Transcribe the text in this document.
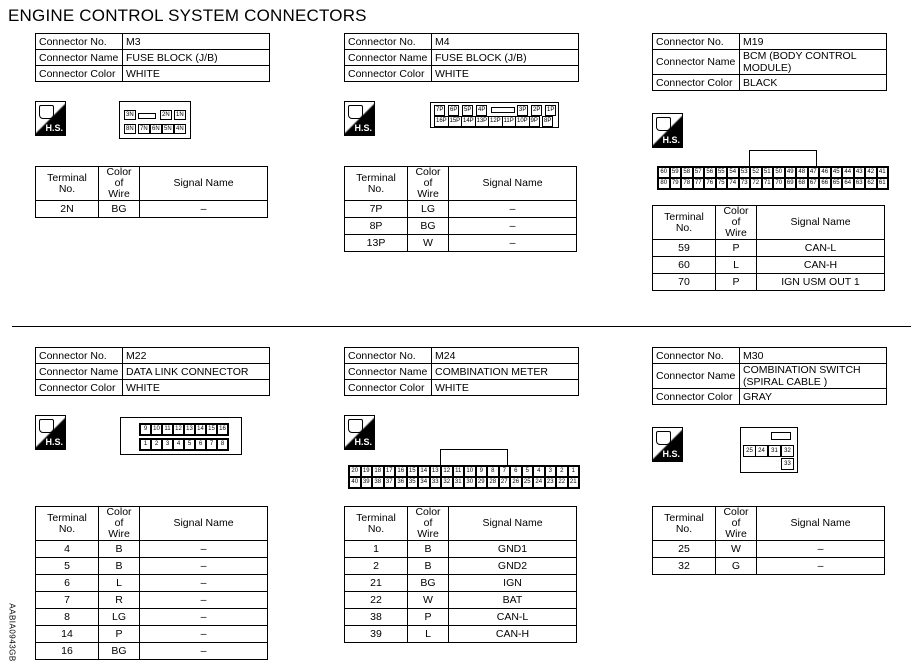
ENGINE CONTROL SYSTEM CONNECTORS
AABIA0943GB
Connector No.	M3
Connector Name	FUSE BLOCK (J/B)
Connector Color	WHITE
H.S.
Terminal No.	Color of
Wire	Signal Name
2N	BG	–
Connector No.	M4
Connector Name	FUSE BLOCK (J/B)
Connector Color	WHITE
H.S.
Terminal No.	Color of
Wire	Signal Name
7P	LG	–
8P	BG	–
13P	W	–
Connector No.	M19
Connector Name	BCM (BODY CONTROL MODULE)
Connector Color	BLACK
H.S.
Terminal No.	Color of
Wire	Signal Name
59	P	CAN-L
60	L	CAN-H
70	P	IGN USM OUT 1
Connector No.	M22
Connector Name	DATA LINK CONNECTOR
Connector Color	WHITE
H.S.
Terminal No.	Color of
Wire	Signal Name
4	B	–
5	B	–
6	L	–
7	R	–
8	LG	–
14	P	–
16	BG	–
Connector No.	M24
Connector Name	COMBINATION METER
Connector Color	WHITE
H.S.
Terminal No.	Color of
Wire	Signal Name
1	B	GND1
2	B	GND2
21	BG	IGN
22	W	BAT
38	P	CAN-L
39	L	CAN-H
Connector No.	M30
Connector Name	COMBINATION SWITCH (SPIRAL CABLE )
Connector Color	GRAY
H.S.
Terminal No.	Color of
Wire	Signal Name
25	W	–
32	G	–
3N	2N	1N
8N	7N 6N 5N 4N
7P	6P	5P	4P	3P	2P	1P
16P 15P 14P 13P 12P 11P 10P 9P	8P
60 59 58 57 56 55 54 53 52 51 50 49 48 47 46 45 44 43 42 41
80 79 78 77 76 75 74 73 72 71 70 69 68 67 66 65 64 63 62 61
20 19 18 17 16 15 14 13 12 11 10	9	8	7	6	5	4	3	2	1
40 39 38 37 36 35 34 33 32 31 30 29 28 27 26 25 24 23 22 21
9 10 11 12 13 14 15 16
1	2	3	4	5	6	7	8
25 24	31	32
33
